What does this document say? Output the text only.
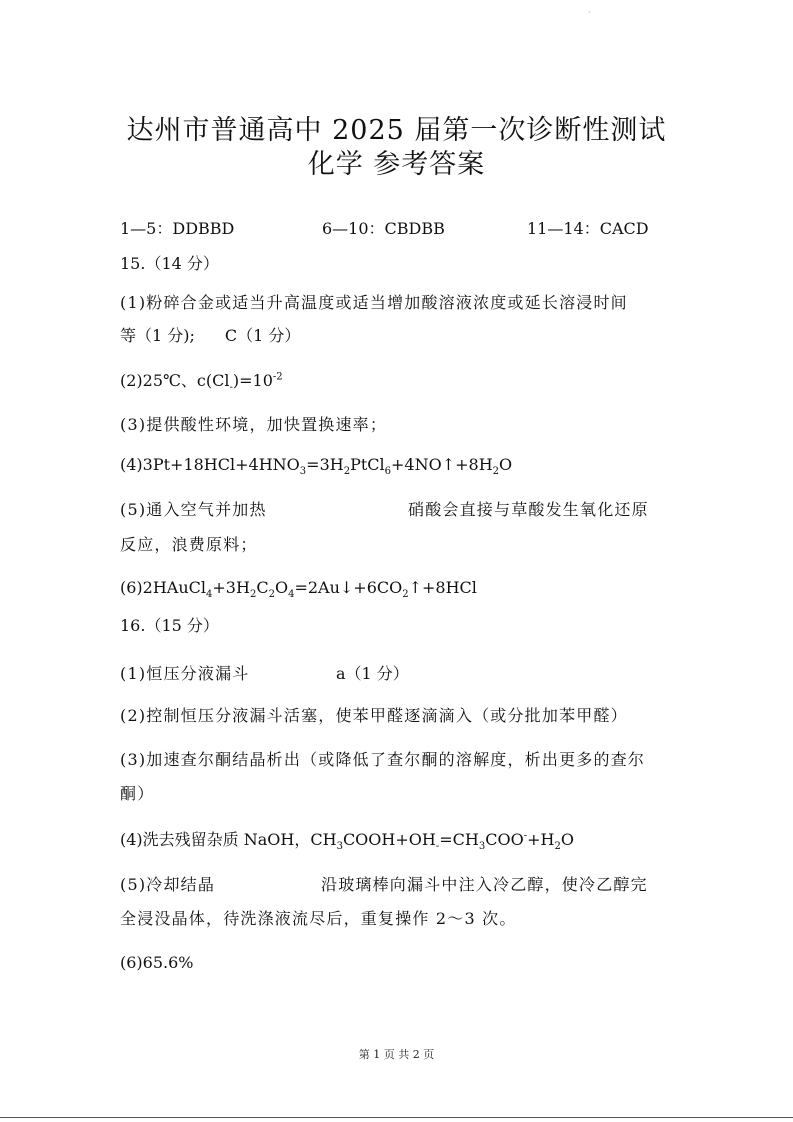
·
达州市普通高中 2025 届第一次诊断性测试
化学 参考答案
1—5：DDBBD	6—10：CBDBB	11—14：CACD
15.（14 分）
(1)粉碎合金或适当升高温度或适当增加酸溶液浓度或延长溶浸时间
等（1 分); C（1 分）
(2)25℃、$c(Cl_-)=10^{-2}$
(3)提供酸性环境，加快置换速率；
$(4)3Pt+18HCl+4HNO_3=3H_2PtCl_6+4NO↑+8H_2O$
(5)通入空气并加热	硝酸会直接与草酸发生氧化还原
反应，浪费原料；
$(6)2HAuCl_4+3H_2C_2O_4=2Au↓+6CO_2↑+8HCl$
16.（15 分）
(1)恒压分液漏斗	a（1 分）
(2)控制恒压分液漏斗活塞，使苯甲醛逐滴滴入（或分批加苯甲醛）
(3)加速查尔酮结晶析出（或降低了查尔酮的溶解度，析出更多的查尔
酮）
(4)洗去残留杂质 NaOH，$CH_3COOH+OH_-=CH_3COO^-+H_2O$
(5)冷却结晶	沿玻璃棒向漏斗中注入冷乙醇，使冷乙醇完
全浸没晶体，待洗涤液流尽后，重复操作 2～3 次。
(6)65.6%
第 1 页 共 2 页
